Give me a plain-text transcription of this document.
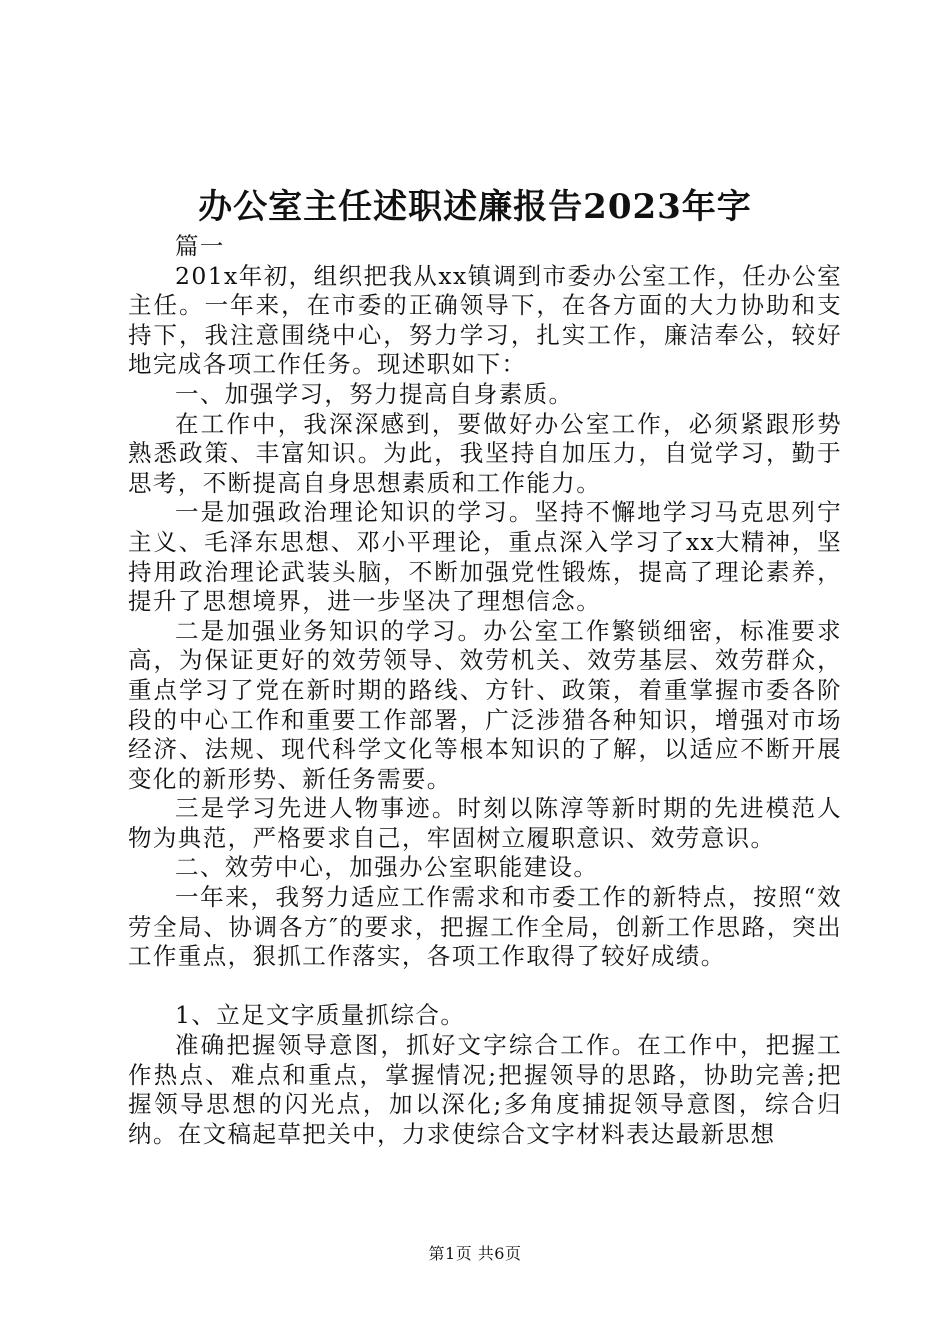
办公室主任述职述廉报告2023年字

篇一

201x年初，组织把我从xx镇调到市委办公室工作，任办公室主任。一年来，在市委的正确领导下，在各方面的大力协助和支持下，我注意围绕中心，努力学习，扎实工作，廉洁奉公，较好地完成各项工作任务。现述职如下：

一、加强学习，努力提高自身素质。

在工作中，我深深感到，要做好办公室工作，必须紧跟形势熟悉政策、丰富知识。为此，我坚持自加压力，自觉学习，勤于思考，不断提高自身思想素质和工作能力。

一是加强政治理论知识的学习。坚持不懈地学习马克思列宁主义、毛泽东思想、邓小平理论，重点深入学习了xx大精神，坚持用政治理论武装头脑，不断加强党性锻炼，提高了理论素养，提升了思想境界，进一步坚决了理想信念。

二是加强业务知识的学习。办公室工作繁锁细密，标准要求高，为保证更好的效劳领导、效劳机关、效劳基层、效劳群众，重点学习了党在新时期的路线、方针、政策，着重掌握市委各阶段的中心工作和重要工作部署，广泛涉猎各种知识，增强对市场经济、法规、现代科学文化等根本知识的了解，以适应不断开展变化的新形势、新任务需要。

三是学习先进人物事迹。时刻以陈淳等新时期的先进模范人物为典范，严格要求自己，牢固树立履职意识、效劳意识。

二、效劳中心，加强办公室职能建设。

一年来，我努力适应工作需求和市委工作的新特点，按照“效劳全局、协调各方″的要求，把握工作全局，创新工作思路，突出工作重点，狠抓工作落实，各项工作取得了较好成绩。

1、立足文字质量抓综合。

准确把握领导意图，抓好文字综合工作。在工作中，把握工作热点、难点和重点，掌握情况;把握领导的思路，协助完善;把握领导思想的闪光点，加以深化;多角度捕捉领导意图，综合归纳。在文稿起草把关中，力求使综合文字材料表达最新思想

第1页 共6页
